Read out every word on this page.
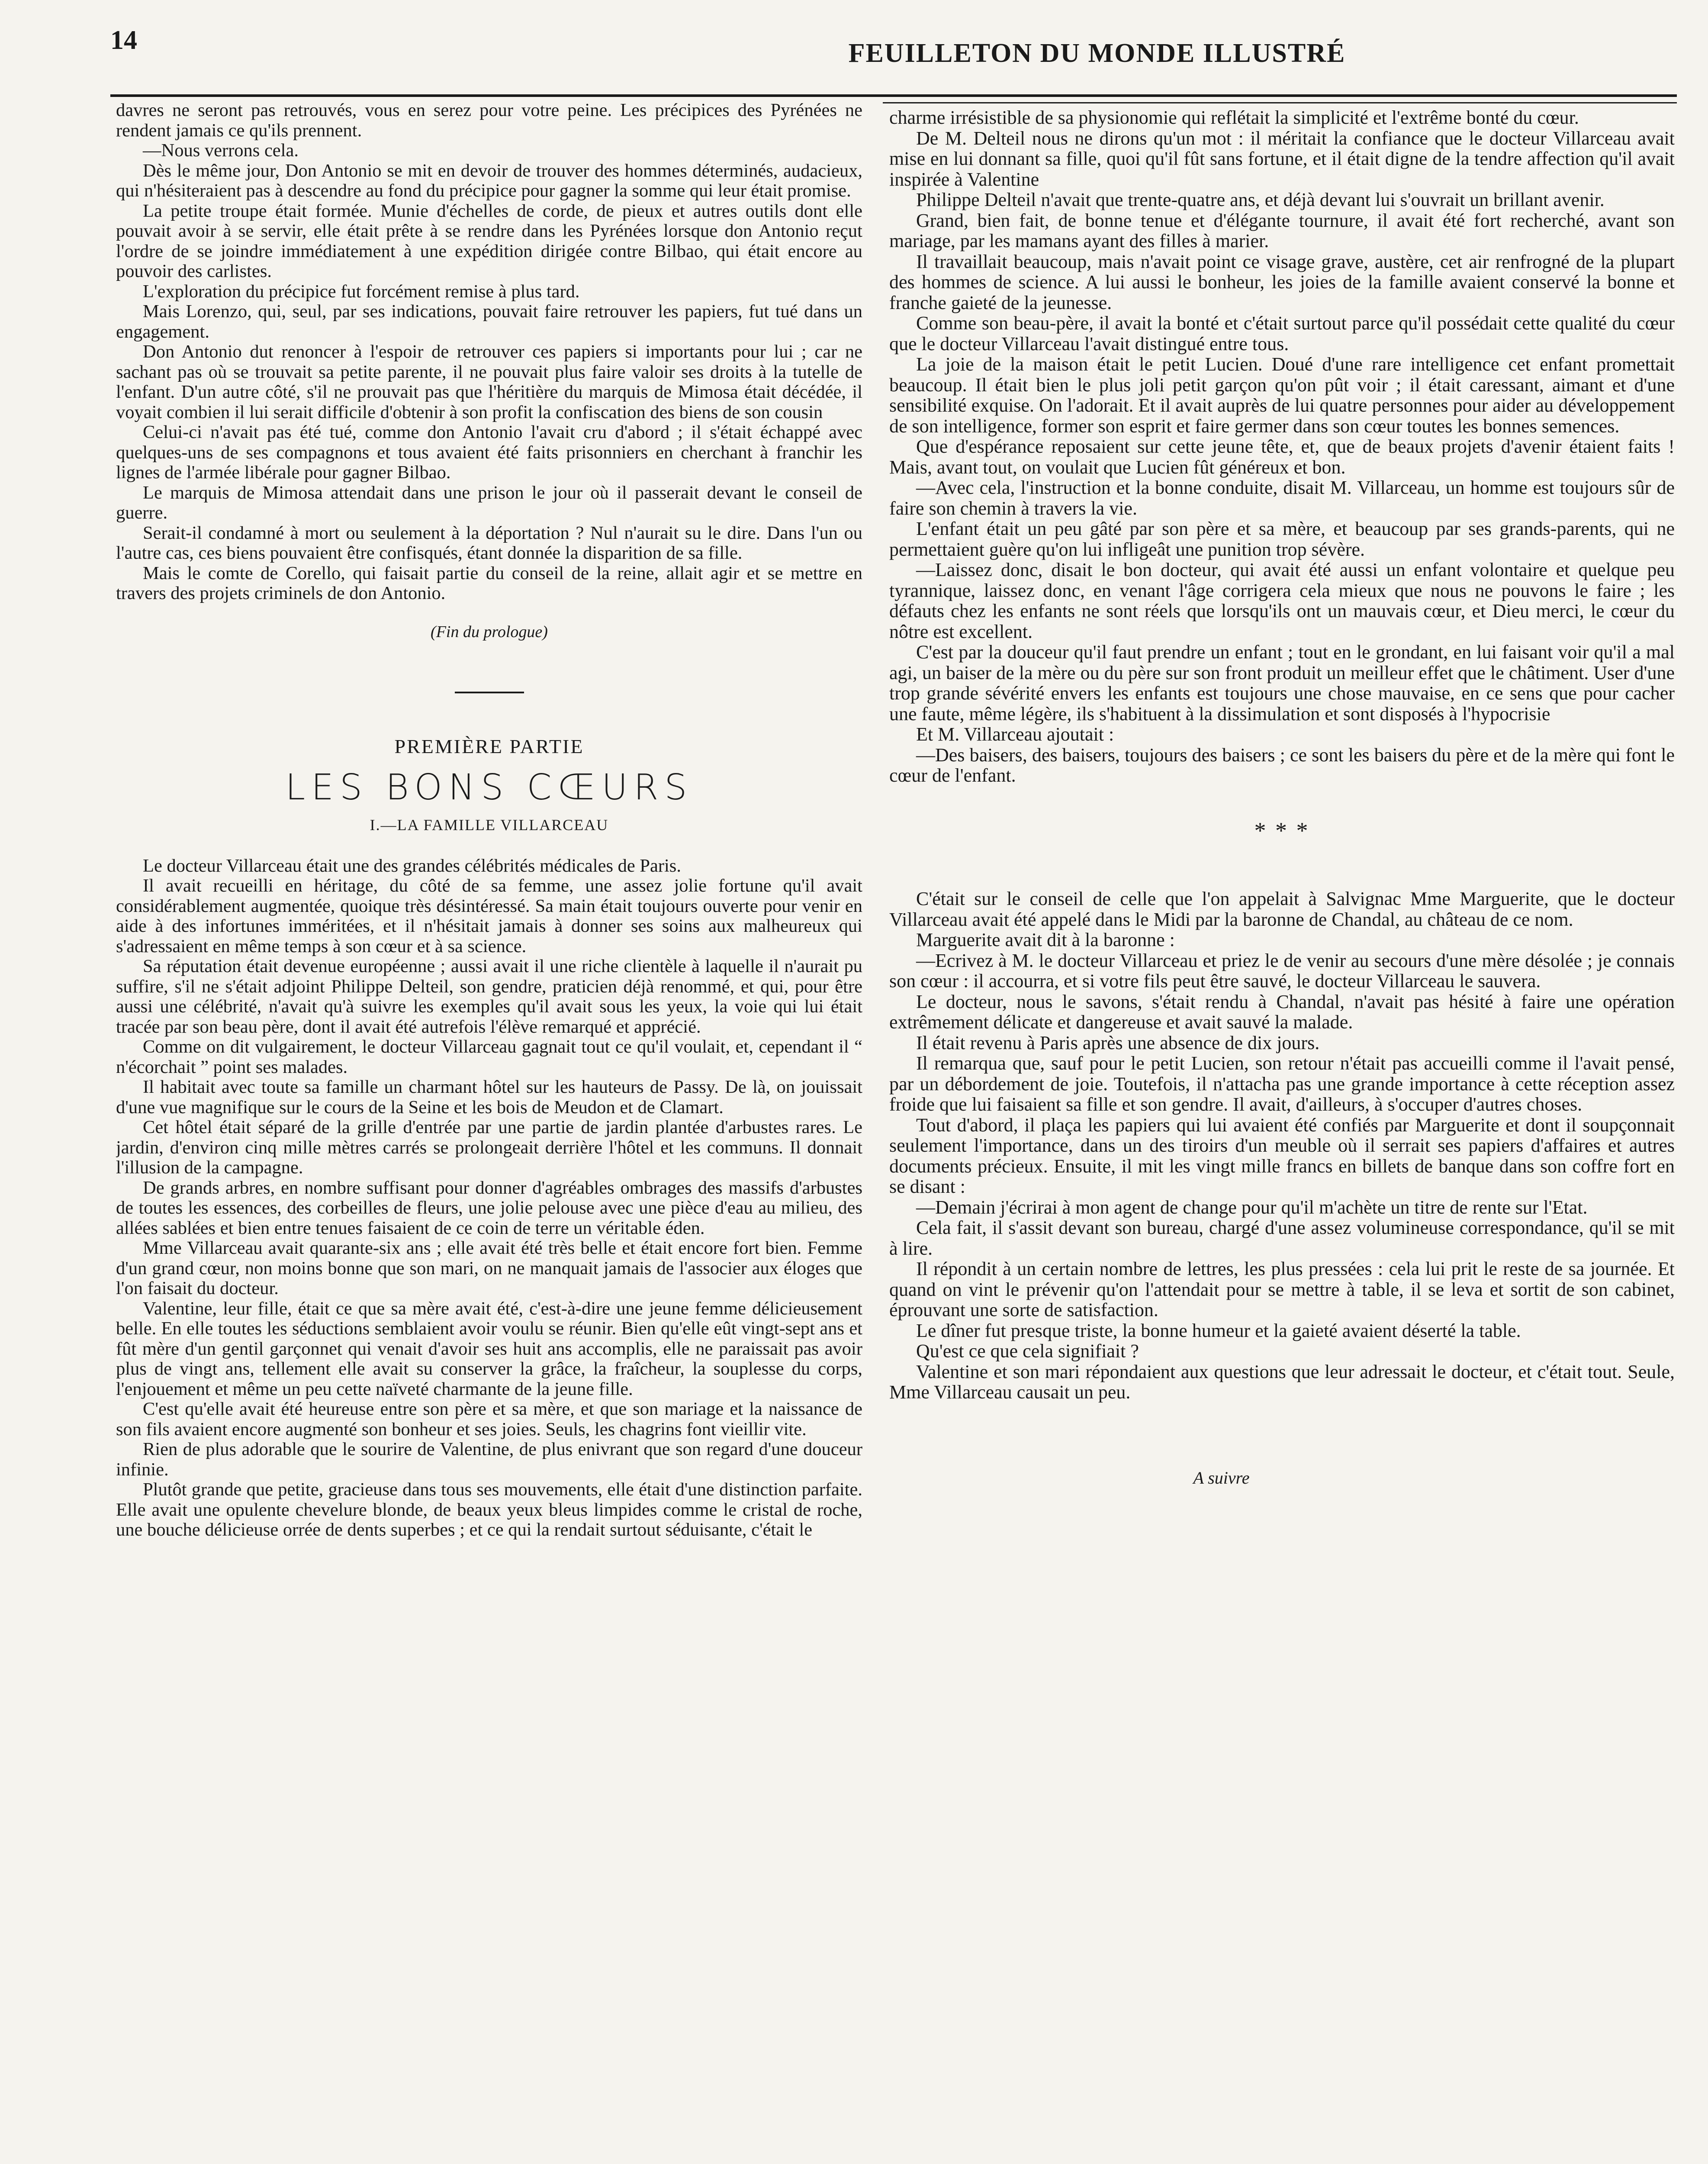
14	FEUILLETON DU MONDE ILLUSTRÉ

davres ne seront pas retrouvés, vous en serez pour votre peine. Les précipices des Pyrénées ne rendent jamais ce qu'ils prennent.

—Nous verrons cela.

Dès le même jour, Don Antonio se mit en devoir de trouver des hommes déterminés, audacieux, qui n'hésiteraient pas à descendre au fond du précipice pour gagner la somme qui leur était promise.

La petite troupe était formée. Munie d'échelles de corde, de pieux et autres outils dont elle pouvait avoir à se servir, elle était prête à se rendre dans les Pyrénées lorsque don Antonio reçut l'ordre de se joindre immédiatement à une expédition dirigée contre Bilbao, qui était encore au pouvoir des carlistes.

L'exploration du précipice fut forcément remise à plus tard.

Mais Lorenzo, qui, seul, par ses indications, pouvait faire retrouver les papiers, fut tué dans un engagement.

Don Antonio dut renoncer à l'espoir de retrouver ces papiers si importants pour lui ; car ne sachant pas où se trouvait sa petite parente, il ne pouvait plus faire valoir ses droits à la tutelle de l'enfant. D'un autre côté, s'il ne prouvait pas que l'héritière du marquis de Mimosa était décédée, il voyait combien il lui serait difficile d'obtenir à son profit la confiscation des biens de son cousin

Celui-ci n'avait pas été tué, comme don Antonio l'avait cru d'abord ; il s'était échappé avec quelques-uns de ses compagnons et tous avaient été faits prisonniers en cherchant à franchir les lignes de l'armée libérale pour gagner Bilbao.

Le marquis de Mimosa attendait dans une prison le jour où il passerait devant le conseil de guerre.

Serait-il condamné à mort ou seulement à la déportation ? Nul n'aurait su le dire. Dans l'un ou l'autre cas, ces biens pouvaient être confisqués, étant donnée la disparition de sa fille.

Mais le comte de Corello, qui faisait partie du conseil de la reine, allait agir et se mettre en travers des projets criminels de don Antonio.

(Fin du prologue)
PREMIÈRE PARTIE
LES BONS CŒURS
I.—LA FAMILLE VILLARCEAU

Le docteur Villarceau était une des grandes célébrités médicales de Paris.

Il avait recueilli en héritage, du côté de sa femme, une assez jolie fortune qu'il avait considérablement augmentée, quoique très désintéressé. Sa main était toujours ouverte pour venir en aide à des infortunes imméritées, et il n'hésitait jamais à donner ses soins aux malheureux qui s'adressaient en même temps à son cœur et à sa science.

Sa réputation était devenue européenne ; aussi avait il une riche clientèle à laquelle il n'aurait pu suffire, s'il ne s'était adjoint Philippe Delteil, son gendre, praticien déjà renommé, et qui, pour être aussi une célébrité, n'avait qu'à suivre les exemples qu'il avait sous les yeux, la voie qui lui était tracée par son beau père, dont il avait été autrefois l'élève remarqué et apprécié.

Comme on dit vulgairement, le docteur Villarceau gagnait tout ce qu'il voulait, et, cependant il “ n'écorchait ” point ses malades.

Il habitait avec toute sa famille un charmant hôtel sur les hauteurs de Passy. De là, on jouissait d'une vue magnifique sur le cours de la Seine et les bois de Meudon et de Clamart.

Cet hôtel était séparé de la grille d'entrée par une partie de jardin plantée d'arbustes rares. Le jardin, d'environ cinq mille mètres carrés se prolongeait derrière l'hôtel et les communs. Il donnait l'illusion de la campagne.

De grands arbres, en nombre suffisant pour donner d'agréables ombrages des massifs d'arbustes de toutes les essences, des corbeilles de fleurs, une jolie pelouse avec une pièce d'eau au milieu, des allées sablées et bien entre tenues faisaient de ce coin de terre un véritable éden.

Mme Villarceau avait quarante-six ans ; elle avait été très belle et était encore fort bien. Femme d'un grand cœur, non moins bonne que son mari, on ne manquait jamais de l'associer aux éloges que l'on faisait du docteur.

Valentine, leur fille, était ce que sa mère avait été, c'est-à-dire une jeune femme délicieusement belle. En elle toutes les séductions semblaient avoir voulu se réunir. Bien qu'elle eût vingt-sept ans et fût mère d'un gentil garçonnet qui venait d'avoir ses huit ans accomplis, elle ne paraissait pas avoir plus de vingt ans, tellement elle avait su conserver la grâce, la fraîcheur, la souplesse du corps, l'enjouement et même un peu cette naïveté charmante de la jeune fille.

C'est qu'elle avait été heureuse entre son père et sa mère, et que son mariage et la naissance de son fils avaient encore augmenté son bonheur et ses joies. Seuls, les chagrins font vieillir vite.

Rien de plus adorable que le sourire de Valentine, de plus enivrant que son regard d'une douceur infinie.

Plutôt grande que petite, gracieuse dans tous ses mouvements, elle était d'une distinction parfaite. Elle avait une opulente chevelure blonde, de beaux yeux bleus limpides comme le cristal de roche, une bouche délicieuse orrée de dents superbes ; et ce qui la rendait surtout séduisante, c'était le

charme irrésistible de sa physionomie qui reflétait la simplicité et l'extrême bonté du cœur.

De M. Delteil nous ne dirons qu'un mot : il méritait la confiance que le docteur Villarceau avait mise en lui donnant sa fille, quoi qu'il fût sans fortune, et il était digne de la tendre affection qu'il avait inspirée à Valentine

Philippe Delteil n'avait que trente-quatre ans, et déjà devant lui s'ouvrait un brillant avenir.

Grand, bien fait, de bonne tenue et d'élégante tournure, il avait été fort recherché, avant son mariage, par les mamans ayant des filles à marier.

Il travaillait beaucoup, mais n'avait point ce visage grave, austère, cet air renfrogné de la plupart des hommes de science. A lui aussi le bonheur, les joies de la famille avaient conservé la bonne et franche gaieté de la jeunesse.

Comme son beau-père, il avait la bonté et c'était surtout parce qu'il possédait cette qualité du cœur que le docteur Villarceau l'avait distingué entre tous.

La joie de la maison était le petit Lucien. Doué d'une rare intelligence cet enfant promettait beaucoup. Il était bien le plus joli petit garçon qu'on pût voir ; il était caressant, aimant et d'une sensibilité exquise. On l'adorait. Et il avait auprès de lui quatre personnes pour aider au développement de son intelligence, former son esprit et faire germer dans son cœur toutes les bonnes semences.

Que d'espérance reposaient sur cette jeune tête, et, que de beaux projets d'avenir étaient faits ! Mais, avant tout, on voulait que Lucien fût généreux et bon.

—Avec cela, l'instruction et la bonne conduite, disait M. Villarceau, un homme est toujours sûr de faire son chemin à travers la vie.

L'enfant était un peu gâté par son père et sa mère, et beaucoup par ses grands-parents, qui ne permettaient guère qu'on lui infligeât une punition trop sévère.

—Laissez donc, disait le bon docteur, qui avait été aussi un enfant volontaire et quelque peu tyrannique, laissez donc, en venant l'âge corrigera cela mieux que nous ne pouvons le faire ; les défauts chez les enfants ne sont réels que lorsqu'ils ont un mauvais cœur, et Dieu merci, le cœur du nôtre est excellent.

C'est par la douceur qu'il faut prendre un enfant ; tout en le grondant, en lui faisant voir qu'il a mal agi, un baiser de la mère ou du père sur son front produit un meilleur effet que le châtiment. User d'une trop grande sévérité envers les enfants est toujours une chose mauvaise, en ce sens que pour cacher une faute, même légère, ils s'habituent à la dissimulation et sont disposés à l'hypocrisie

Et M. Villarceau ajoutait :

—Des baisers, des baisers, toujours des baisers ; ce sont les baisers du père et de la mère qui font le cœur de l'enfant.

* * *

C'était sur le conseil de celle que l'on appelait à Salvignac Mme Marguerite, que le docteur Villarceau avait été appelé dans le Midi par la baronne de Chandal, au château de ce nom.

Marguerite avait dit à la baronne :

—Ecrivez à M. le docteur Villarceau et priez le de venir au secours d'une mère désolée ; je connais son cœur : il accourra, et si votre fils peut être sauvé, le docteur Villarceau le sauvera.

Le docteur, nous le savons, s'était rendu à Chandal, n'avait pas hésité à faire une opération extrêmement délicate et dangereuse et avait sauvé la malade.

Il était revenu à Paris après une absence de dix jours.

Il remarqua que, sauf pour le petit Lucien, son retour n'était pas accueilli comme il l'avait pensé, par un débordement de joie. Toutefois, il n'attacha pas une grande importance à cette réception assez froide que lui faisaient sa fille et son gendre. Il avait, d'ailleurs, à s'occuper d'autres choses.

Tout d'abord, il plaça les papiers qui lui avaient été confiés par Marguerite et dont il soupçonnait seulement l'importance, dans un des tiroirs d'un meuble où il serrait ses papiers d'affaires et autres documents précieux. Ensuite, il mit les vingt mille francs en billets de banque dans son coffre fort en se disant :

—Demain j'écrirai à mon agent de change pour qu'il m'achète un titre de rente sur l'Etat.

Cela fait, il s'assit devant son bureau, chargé d'une assez volumineuse correspondance, qu'il se mit à lire.

Il répondit à un certain nombre de lettres, les plus pressées : cela lui prit le reste de sa journée. Et quand on vint le prévenir qu'on l'attendait pour se mettre à table, il se leva et sortit de son cabinet, éprouvant une sorte de satisfaction.

Le dîner fut presque triste, la bonne humeur et la gaieté avaient déserté la table.

Qu'est ce que cela signifiait ?

Valentine et son mari répondaient aux questions que leur adressait le docteur, et c'était tout. Seule, Mme Villarceau causait un peu.

A suivre
